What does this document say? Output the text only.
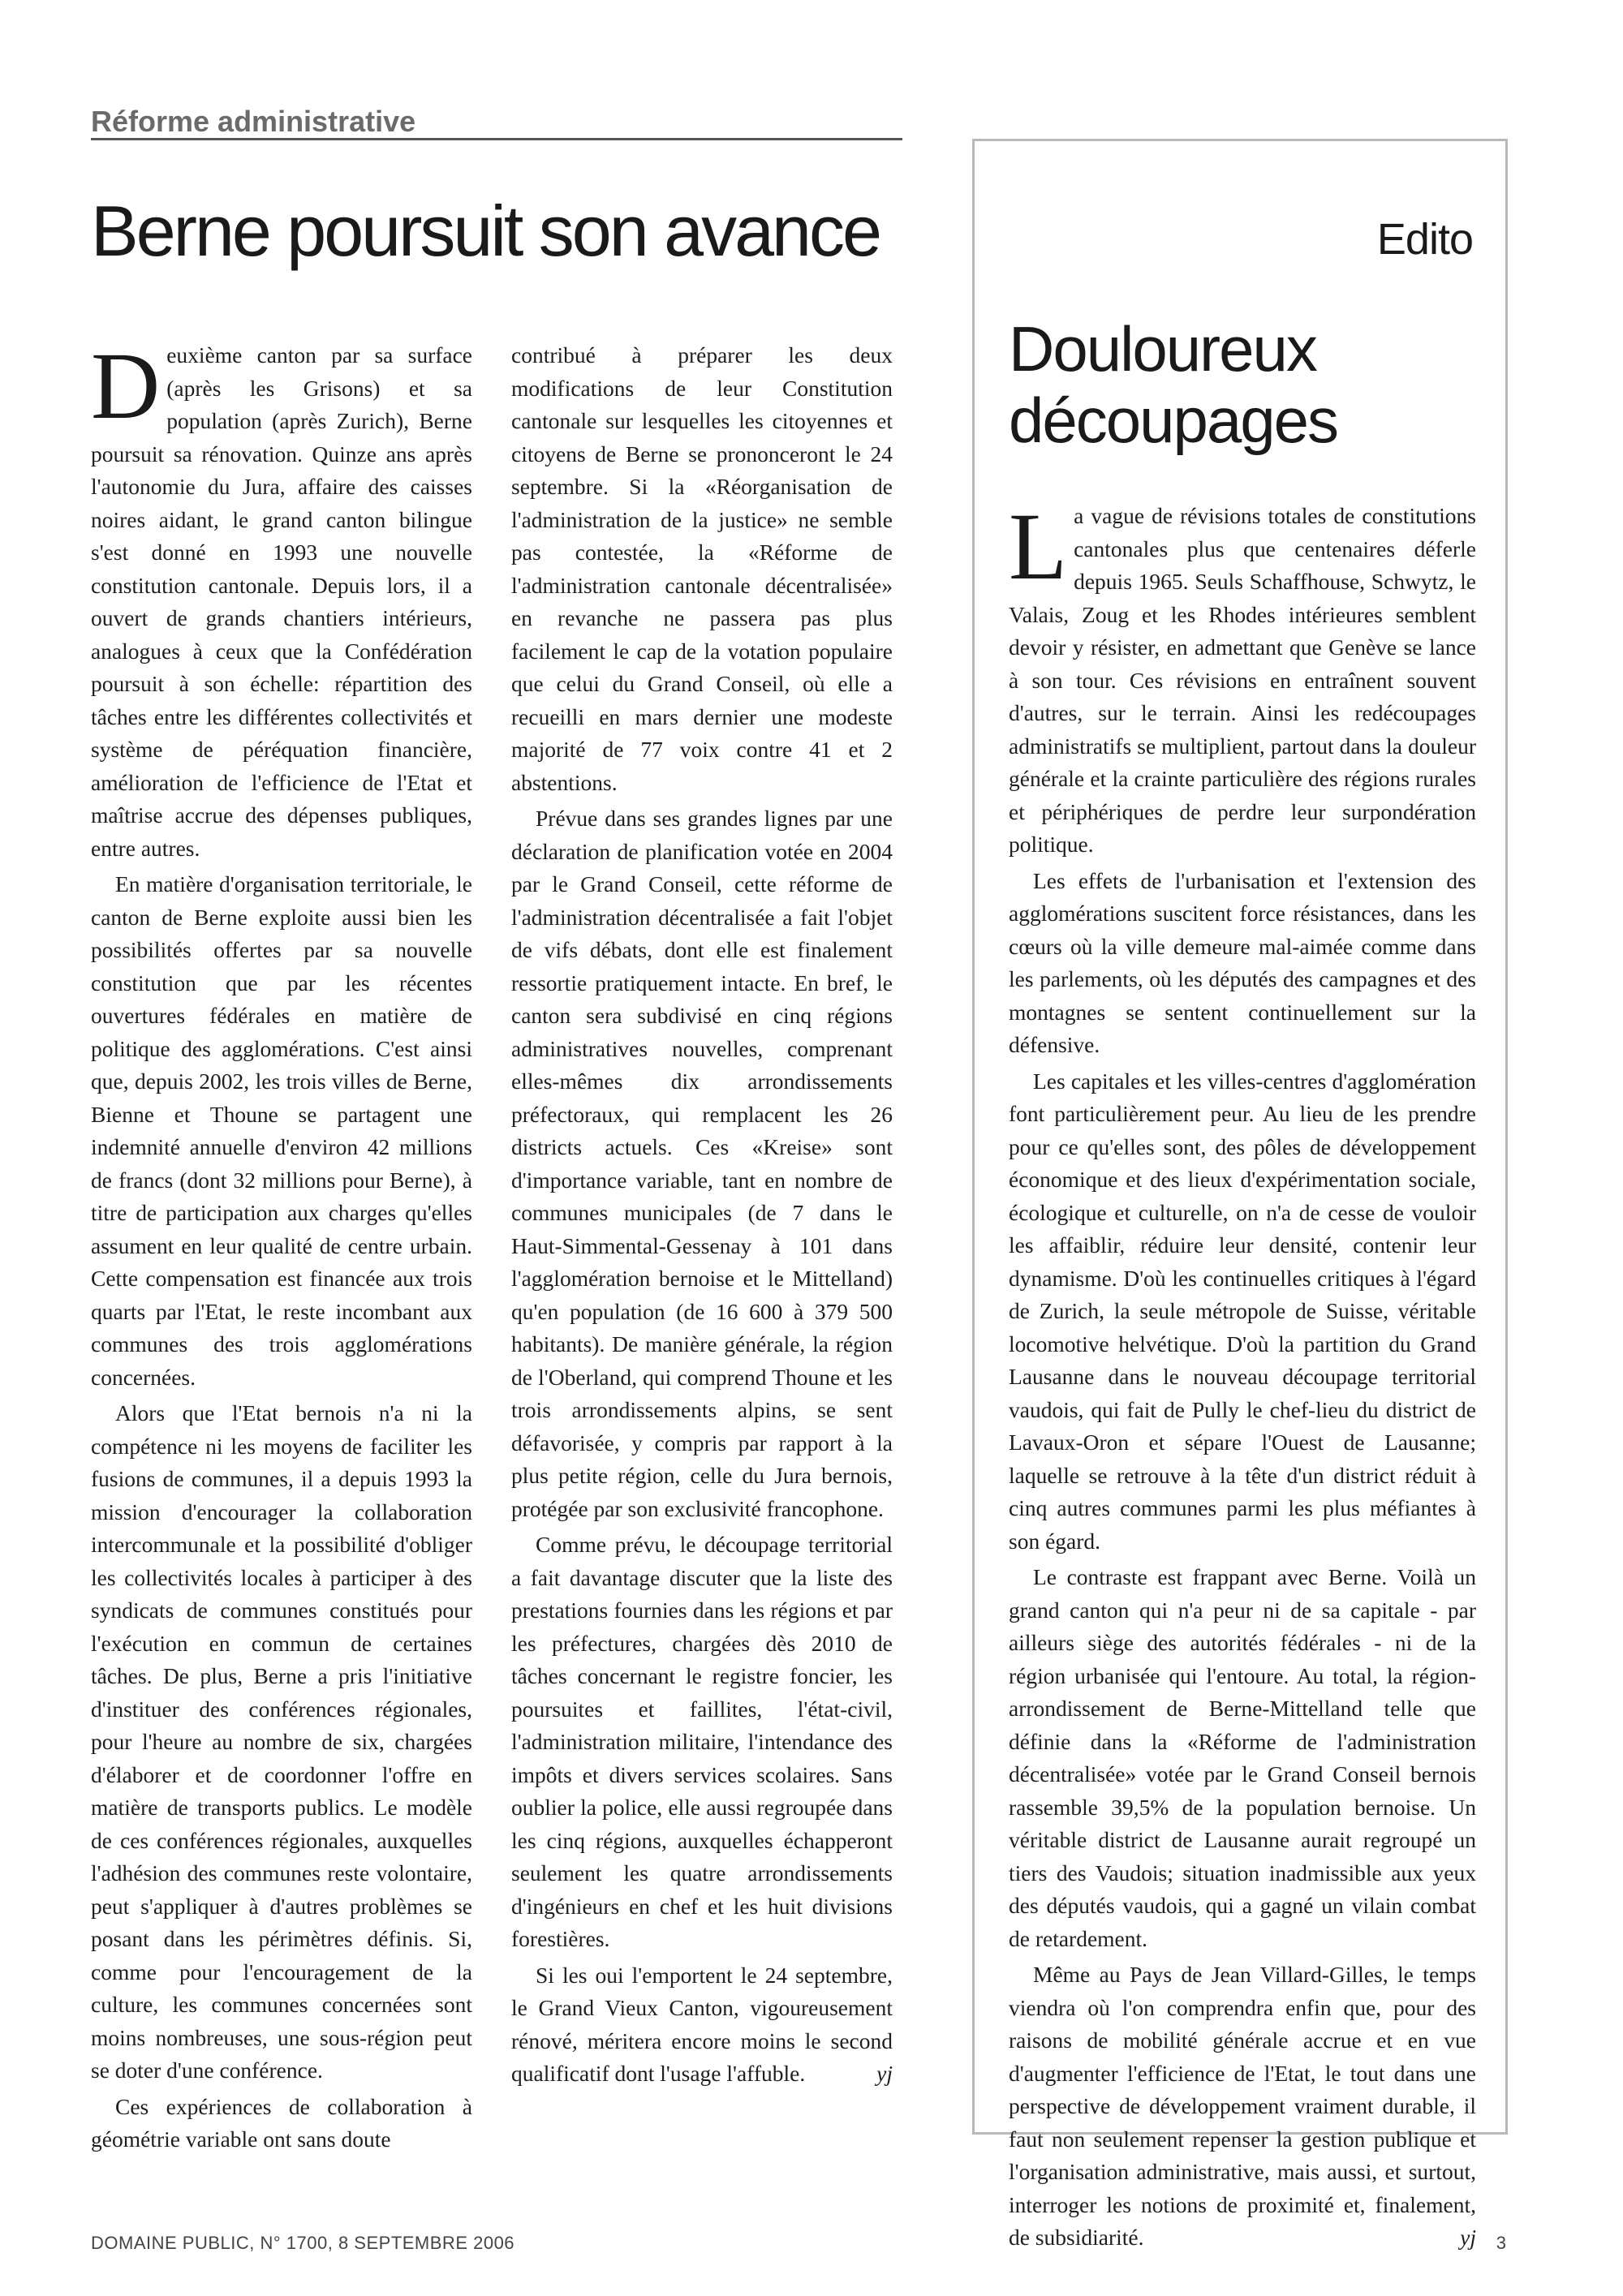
Réforme administrative
Berne poursuit son avance

Deuxième canton par sa surface (après les Grisons) et sa population (après Zurich), Berne poursuit sa rénovation. Quinze ans après l'autonomie du Jura, affaire des caisses noires aidant, le grand canton bilingue s'est donné en 1993 une nouvelle constitution cantonale. Depuis lors, il a ouvert de grands chantiers intérieurs, analogues à ceux que la Confédération poursuit à son échelle: répartition des tâches entre les différentes collectivités et système de péréquation financière, amélioration de l'efficience de l'Etat et maîtrise accrue des dépenses publiques, entre autres.

En matière d'organisation territoriale, le canton de Berne exploite aussi bien les possibilités offertes par sa nouvelle constitution que par les récentes ouvertures fédérales en matière de politique des agglomérations. C'est ainsi que, depuis 2002, les trois villes de Berne, Bienne et Thoune se partagent une indemnité annuelle d'environ 42 millions de francs (dont 32 millions pour Berne), à titre de participation aux charges qu'elles assument en leur qualité de centre urbain. Cette compensation est financée aux trois quarts par l'Etat, le reste incombant aux communes des trois agglomérations concernées.

Alors que l'Etat bernois n'a ni la compétence ni les moyens de faciliter les fusions de communes, il a depuis 1993 la mission d'encourager la collaboration intercommunale et la possibilité d'obliger les collectivités locales à participer à des syndicats de communes constitués pour l'exécution en commun de certaines tâches. De plus, Berne a pris l'initiative d'instituer des conférences régionales, pour l'heure au nombre de six, chargées d'élaborer et de coordonner l'offre en matière de transports publics. Le modèle de ces conférences régionales, auxquelles l'adhésion des communes reste volontaire, peut s'appliquer à d'autres problèmes se posant dans les périmètres définis. Si, comme pour l'encouragement de la culture, les communes concernées sont moins nombreuses, une sous-région peut se doter d'une conférence.

Ces expériences de collaboration à géométrie variable ont sans doute

contribué à préparer les deux modifications de leur Constitution cantonale sur lesquelles les citoyennes et citoyens de Berne se prononceront le 24 septembre. Si la «Réorganisation de l'administration de la justice» ne semble pas contestée, la «Réforme de l'administration cantonale décentralisée» en revanche ne passera pas plus facilement le cap de la votation populaire que celui du Grand Conseil, où elle a recueilli en mars dernier une modeste majorité de 77 voix contre 41 et 2 abstentions.

Prévue dans ses grandes lignes par une déclaration de planification votée en 2004 par le Grand Conseil, cette réforme de l'administration décentralisée a fait l'objet de vifs débats, dont elle est finalement ressortie pratiquement intacte. En bref, le canton sera subdivisé en cinq régions administratives nouvelles, comprenant elles-mêmes dix arrondissements préfectoraux, qui remplacent les 26 districts actuels. Ces «Kreise» sont d'importance variable, tant en nombre de communes municipales (de 7 dans le Haut-Simmental-Gessenay à 101 dans l'agglomération bernoise et le Mittelland) qu'en population (de 16 600 à 379 500 habitants). De manière générale, la région de l'Oberland, qui comprend Thoune et les trois arrondissements alpins, se sent défavorisée, y compris par rapport à la plus petite région, celle du Jura bernois, protégée par son exclusivité francophone.

Comme prévu, le découpage territorial a fait davantage discuter que la liste des prestations fournies dans les régions et par les préfectures, chargées dès 2010 de tâches concernant le registre foncier, les poursuites et faillites, l'état-civil, l'administration militaire, l'intendance des impôts et divers services scolaires. Sans oublier la police, elle aussi regroupée dans les cinq régions, auxquelles échapperont seulement les quatre arrondissements d'ingénieurs en chef et les huit divisions forestières.

Si les oui l'emportent le 24 septembre, le Grand Vieux Canton, vigoureusement rénové, méritera encore moins le second qualificatif dont l'usage l'affuble.	yj

Edito
Douloureux découpages

La vague de révisions totales de constitutions cantonales plus que centenaires déferle depuis 1965. Seuls Schaffhouse, Schwytz, le Valais, Zoug et les Rhodes intérieures semblent devoir y résister, en admettant que Genève se lance à son tour. Ces révisions en entraînent souvent d'autres, sur le terrain. Ainsi les redécoupages administratifs se multiplient, partout dans la douleur générale et la crainte particulière des régions rurales et périphériques de perdre leur surpondération politique.

Les effets de l'urbanisation et l'extension des agglomérations suscitent force résistances, dans les cœurs où la ville demeure mal-aimée comme dans les parlements, où les députés des campagnes et des montagnes se sentent continuellement sur la défensive.

Les capitales et les villes-centres d'agglomération font particulièrement peur. Au lieu de les prendre pour ce qu'elles sont, des pôles de développement économique et des lieux d'expérimentation sociale, écologique et culturelle, on n'a de cesse de vouloir les affaiblir, réduire leur densité, contenir leur dynamisme. D'où les continuelles critiques à l'égard de Zurich, la seule métropole de Suisse, véritable locomotive helvétique. D'où la partition du Grand Lausanne dans le nouveau découpage territorial vaudois, qui fait de Pully le chef-lieu du district de Lavaux-Oron et sépare l'Ouest de Lausanne; laquelle se retrouve à la tête d'un district réduit à cinq autres communes parmi les plus méfiantes à son égard.

Le contraste est frappant avec Berne. Voilà un grand canton qui n'a peur ni de sa capitale - par ailleurs siège des autorités fédérales - ni de la région urbanisée qui l'entoure. Au total, la région-arrondissement de Berne-Mittelland telle que définie dans la «Réforme de l'administration décentralisée» votée par le Grand Conseil bernois rassemble 39,5% de la population bernoise. Un véritable district de Lausanne aurait regroupé un tiers des Vaudois; situation inadmissible aux yeux des députés vaudois, qui a gagné un vilain combat de retardement.

Même au Pays de Jean Villard-Gilles, le temps viendra où l'on comprendra enfin que, pour des raisons de mobilité générale accrue et en vue d'augmenter l'efficience de l'Etat, le tout dans une perspective de développement vraiment durable, il faut non seulement repenser la gestion publique et l'organisation administrative, mais aussi, et surtout, interroger les notions de proximité et, finalement, de subsidiarité.	yj

DOMAINE PUBLIC, N° 1700, 8 SEPTEMBRE 2006	3
